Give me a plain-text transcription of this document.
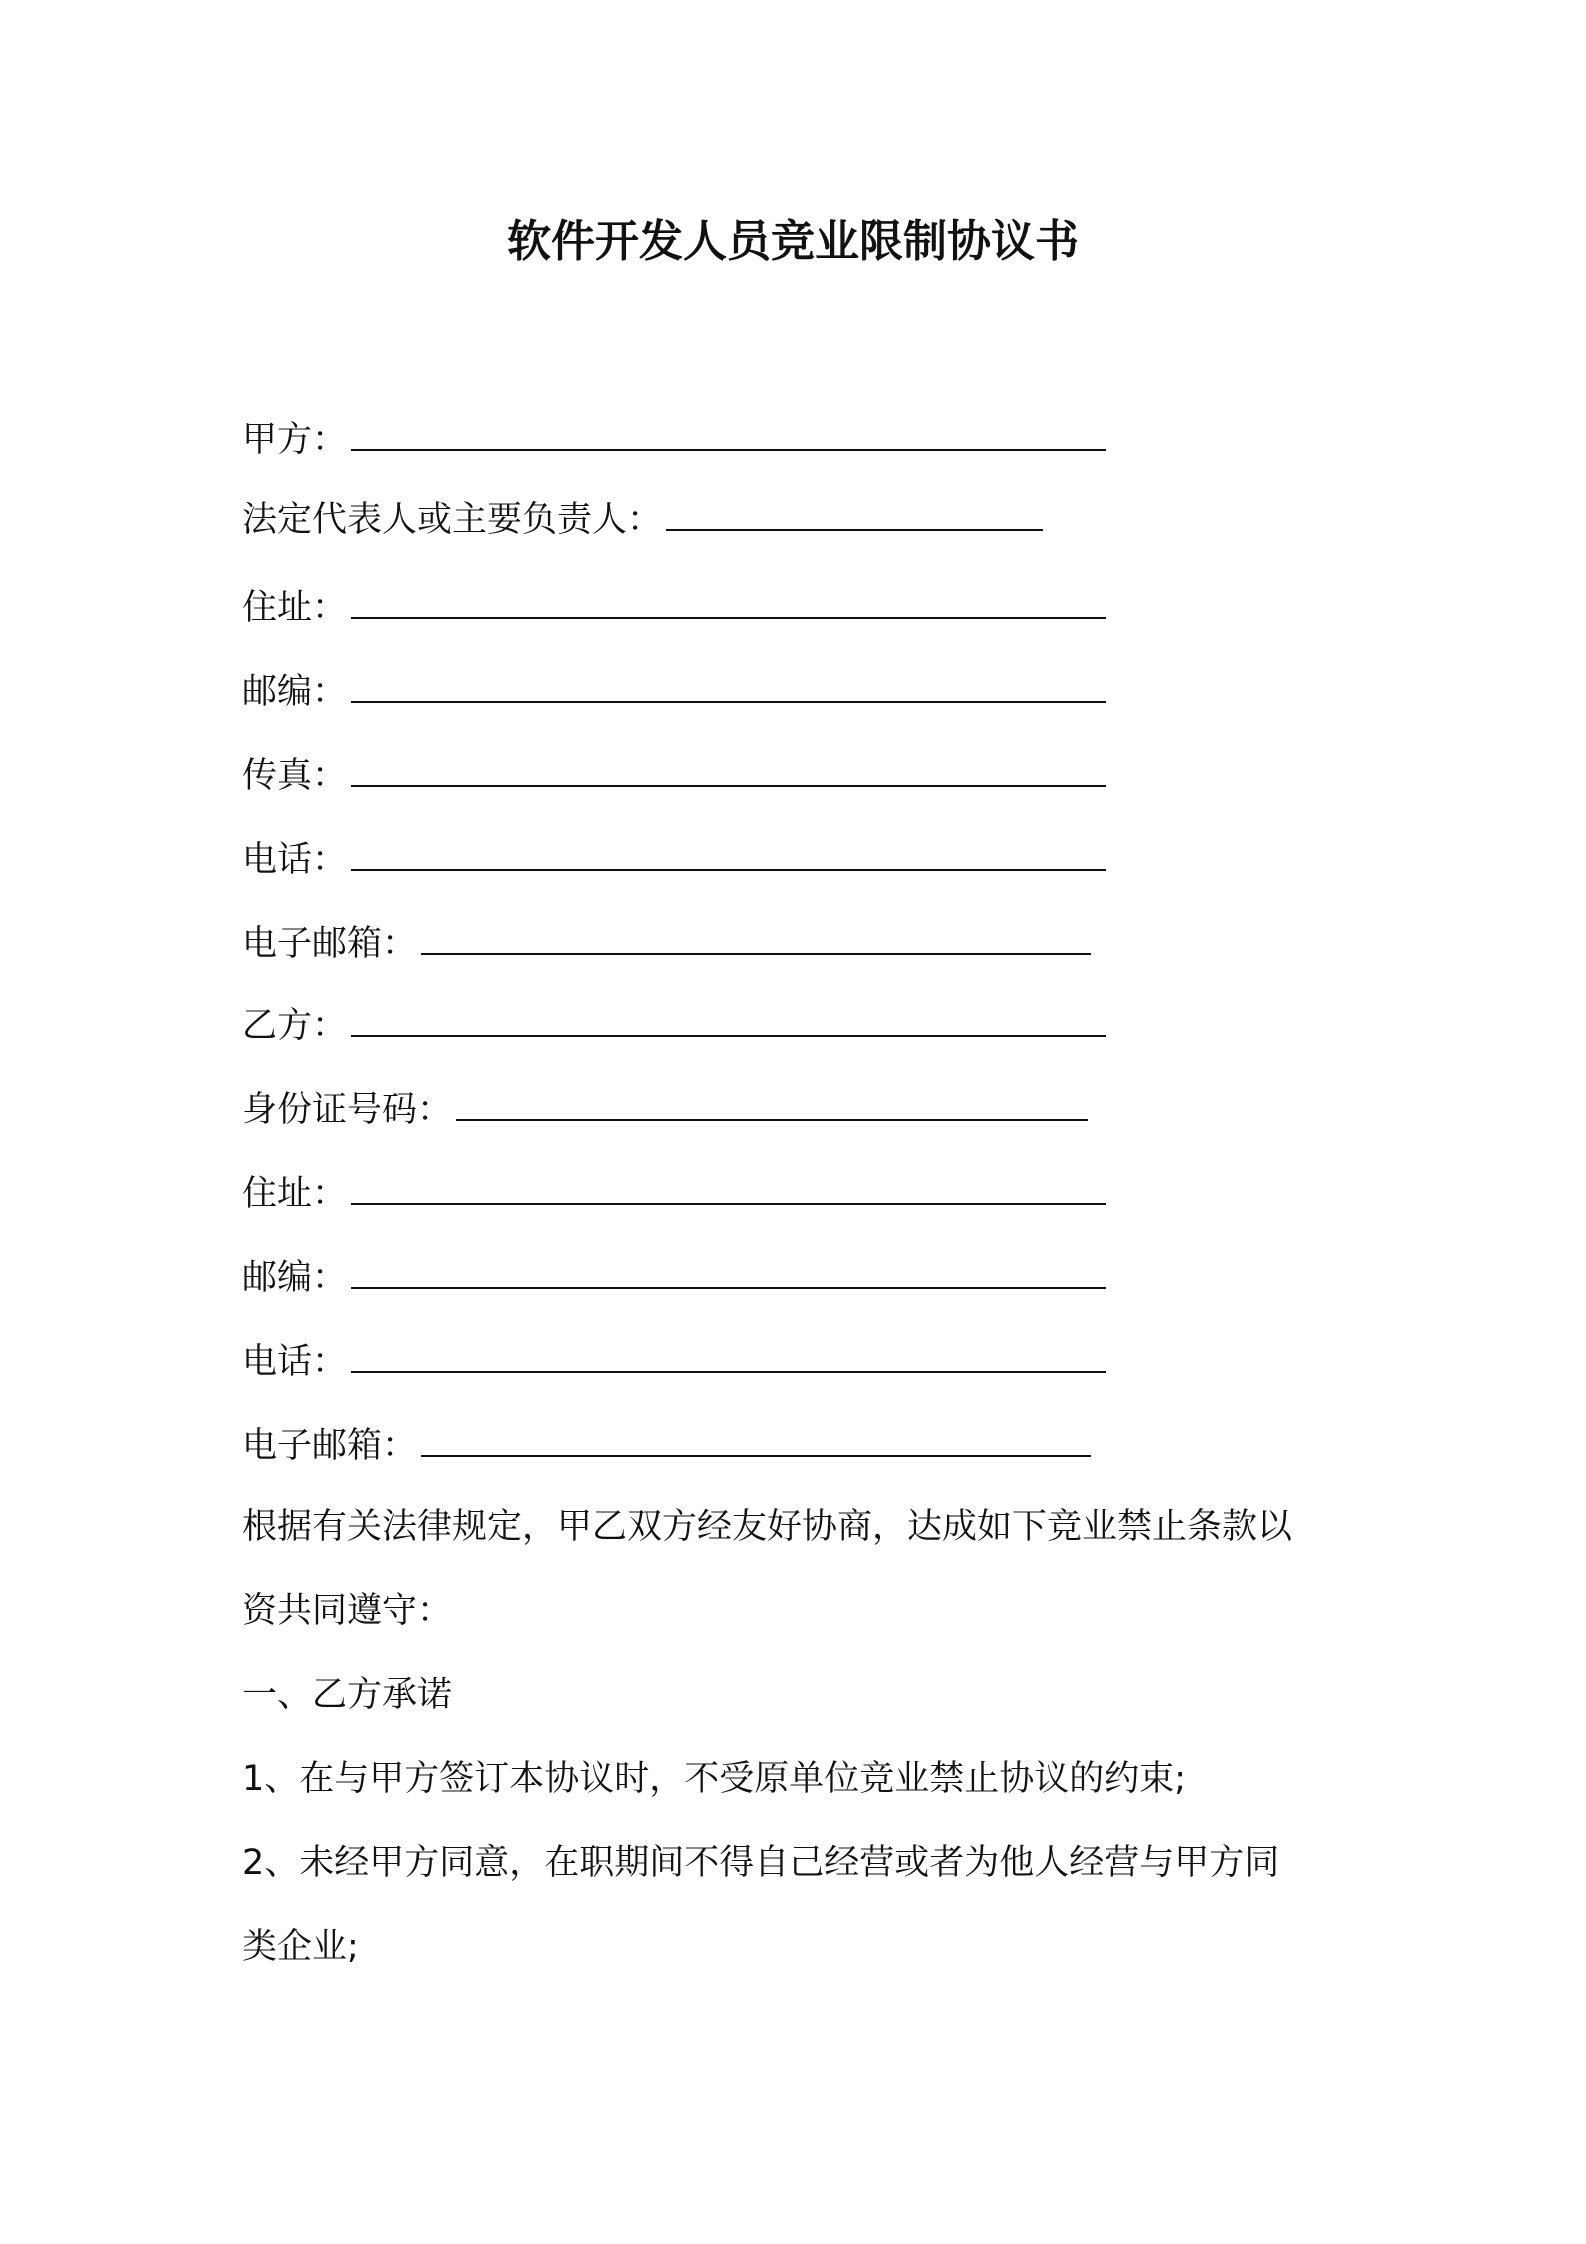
软件开发人员竞业限制协议书
甲方：
法定代表人或主要负责人：
住址：
邮编：
传真：
电话：
电子邮箱：
乙方：
身份证号码：
住址：
邮编：
电话：
电子邮箱：
根据有关法律规定，甲乙双方经友好协商，达成如下竞业禁止条款以
资共同遵守：
一、乙方承诺
1、在与甲方签订本协议时，不受原单位竞业禁止协议的约束;
2、未经甲方同意，在职期间不得自己经营或者为他人经营与甲方同
类企业;
